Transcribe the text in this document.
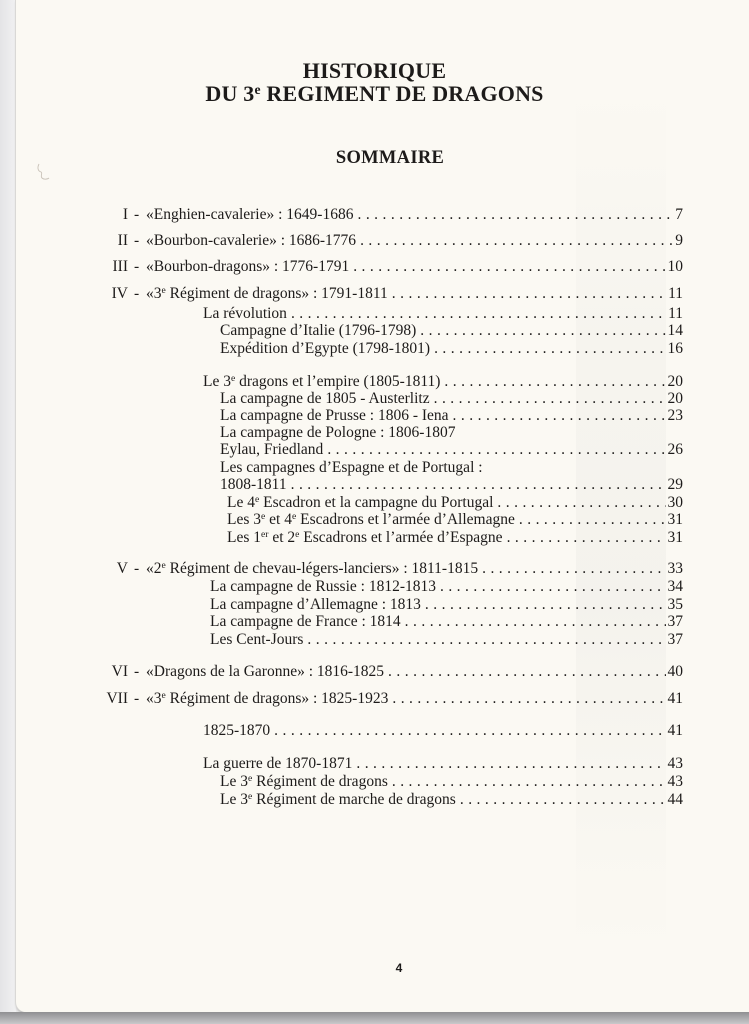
HISTORIQUE
DU 3e REGIMENT DE DRAGONS
SOMMAIRE
I - «Enghien-cavalerie» : 1649-1686 . . .	7
II - «Bourbon-cavalerie» : 1686-1776 . . .	9
III - «Bourbon-dragons» : 1776-1791 . . .	10
IV - «3e Régiment de dragons» : 1791-1811 . . .	11
La révolution . . .	11
Campagne d’Italie (1796-1798) . . .	14
Expédition d’Egypte (1798-1801) . . .	16
Le 3e dragons et l’empire (1805-1811) . . .	20
La campagne de 1805 - Austerlitz . . .	20
La campagne de Prusse : 1806 - Iena . . .	23
La campagne de Pologne : 1806-1807
Eylau, Friedland . . .	26
Les campagnes d’Espagne et de Portugal :
1808-1811 . . .	29
Le 4e Escadron et la campagne du Portugal . . .	30
Les 3e et 4e Escadrons et l’armée d’Allemagne . . .	31
Les 1er et 2e Escadrons et l’armée d’Espagne . . .	31
V - «2e Régiment de chevau-légers-lanciers» : 1811-1815 . . .	33
La campagne de Russie : 1812-1813 . . .	34
La campagne d’Allemagne : 1813 . . .	35
La campagne de France : 1814 . . .	37
Les Cent-Jours . . .	37
VI - «Dragons de la Garonne» : 1816-1825 . . .	40
VII - «3e Régiment de dragons» : 1825-1923 . . .	41
1825-1870 . . .	41
La guerre de 1870-1871 . . .	43
Le 3e Régiment de dragons . . .	43
Le 3e Régiment de marche de dragons . . .	44
4
